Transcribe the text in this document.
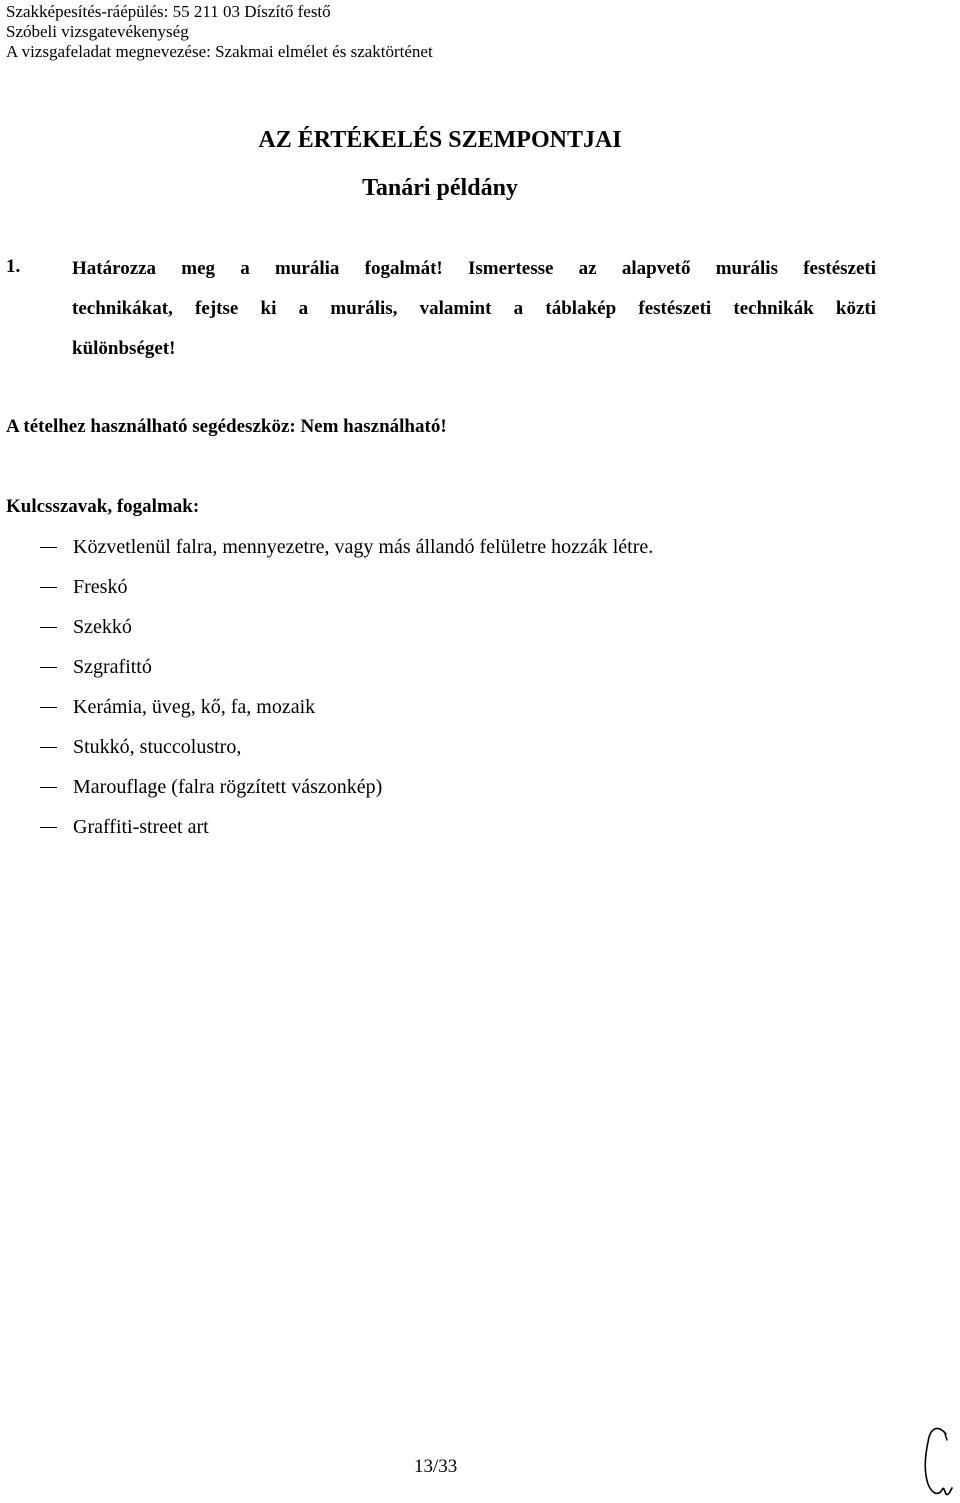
Szakképesítés-ráépülés: 55 211 03 Díszítő festő
Szóbeli vizsgatevékenység
A vizsgafeladat megnevezése: Szakmai elmélet és szaktörténet
AZ ÉRTÉKELÉS SZEMPONTJAI
Tanári példány
1.	Határozza meg a murália fogalmát! Ismertesse az alapvető murális festészeti
technikákat, fejtse ki a murális, valamint a táblakép festészeti technikák közti
különbséget!
A tételhez használható segédeszköz: Nem használható!
Kulcsszavak, fogalmak:
Közvetlenül falra, mennyezetre, vagy más állandó felületre hozzák létre.
Freskó
Szekkó
Szgrafittó
Kerámia, üveg, kő, fa, mozaik
Stukkó, stuccolustro,
Marouflage (falra rögzített vászonkép)
Graffiti-street art
13/33
